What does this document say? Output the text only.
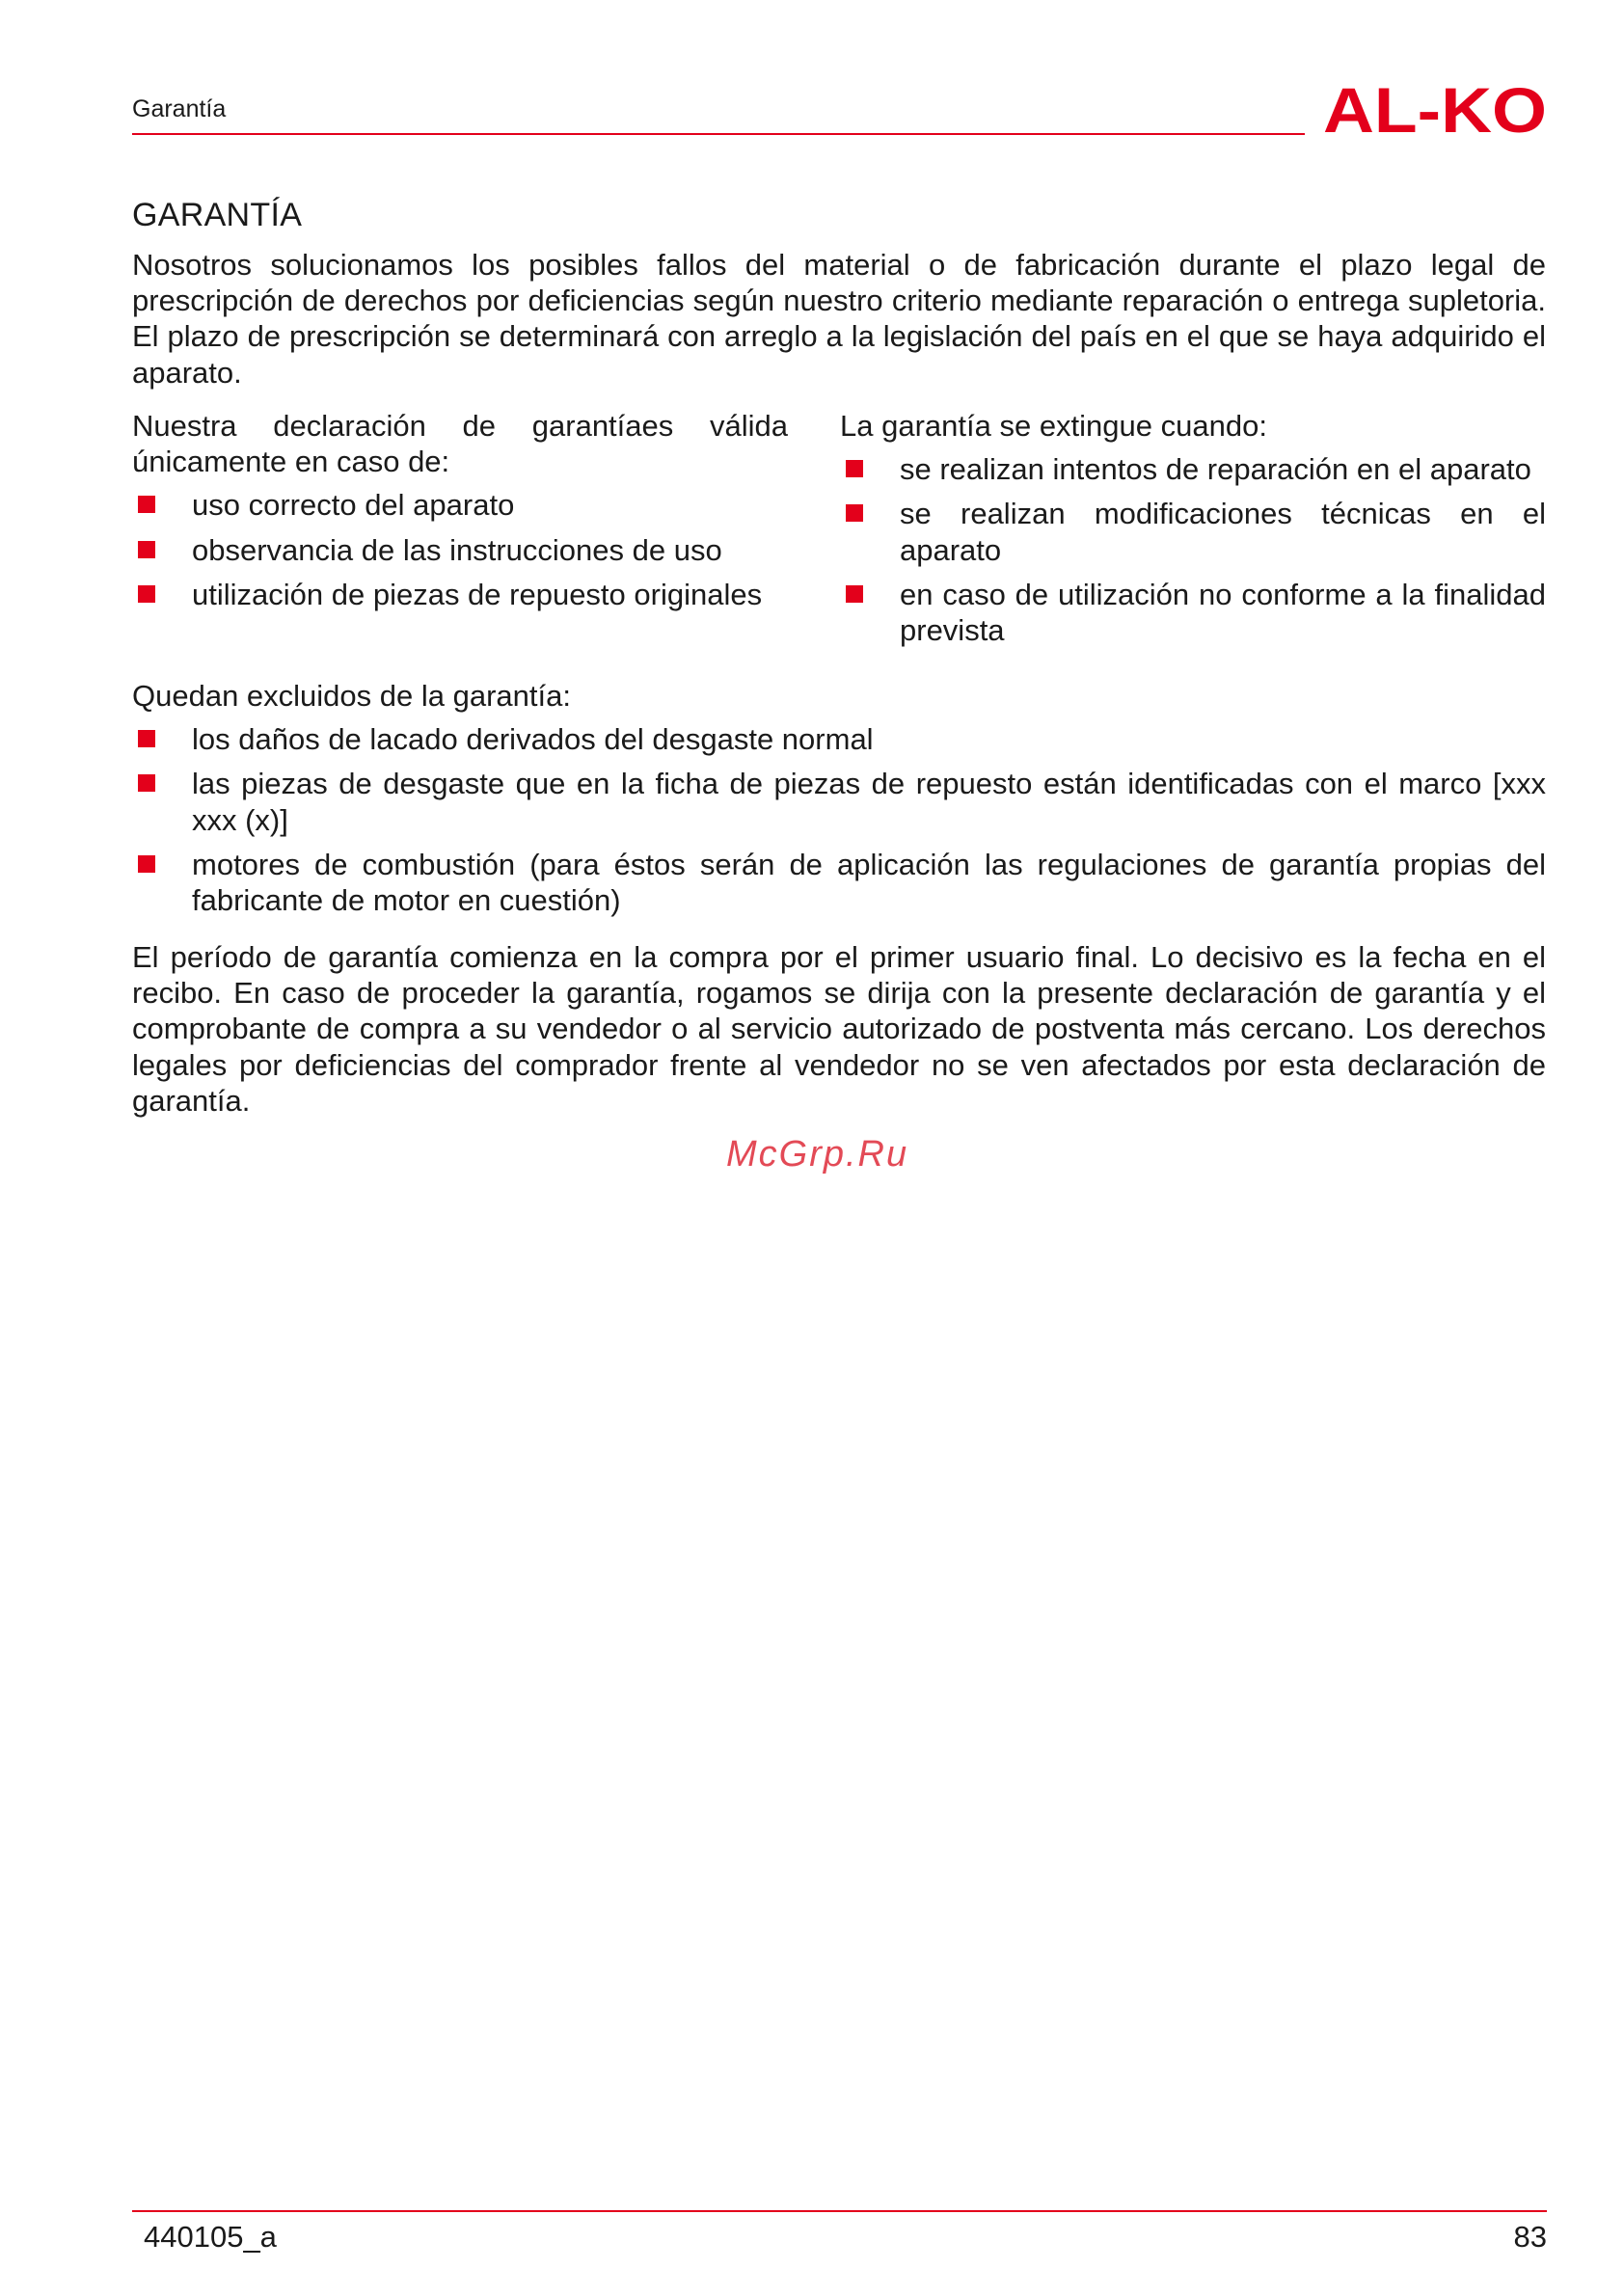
Garantía	AL-KO
GARANTÍA

Nosotros solucionamos los posibles fallos del material o de fabricación durante el plazo legal de prescripción de derechos por deficiencias según nuestro criterio mediante reparación o entrega supletoria. El plazo de prescripción se determinará con arreglo a la legislación del país en el que se haya adquirido el aparato.

Nuestra declaración de garantíaes válida únicamente en caso de:

uso correcto del aparato
observancia de las instrucciones de uso
utilización de piezas de repuesto originales

La garantía se extingue cuando:

se realizan intentos de reparación en el aparato
se realizan modificaciones técnicas en el aparato
en caso de utilización no conforme a la finalidad prevista

Quedan excluidos de la garantía:

los daños de lacado derivados del desgaste normal
las piezas de desgaste que en la ficha de piezas de repuesto están identificadas con el marco [xxx xxx (x)]
motores de combustión (para éstos serán de aplicación las regulaciones de garantía propias del fabricante de motor en cuestión)

El período de garantía comienza en la compra por el primer usuario final. Lo decisivo es la fecha en el recibo. En caso de proceder la garantía, rogamos se dirija con la presente declaración de garantía y el comprobante de compra a su vendedor o al servicio autorizado de postventa más cercano. Los derechos legales por deficiencias del comprador frente al vendedor no se ven afectados por esta declaración de garantía.

McGrp.Ru
440105_a	83
